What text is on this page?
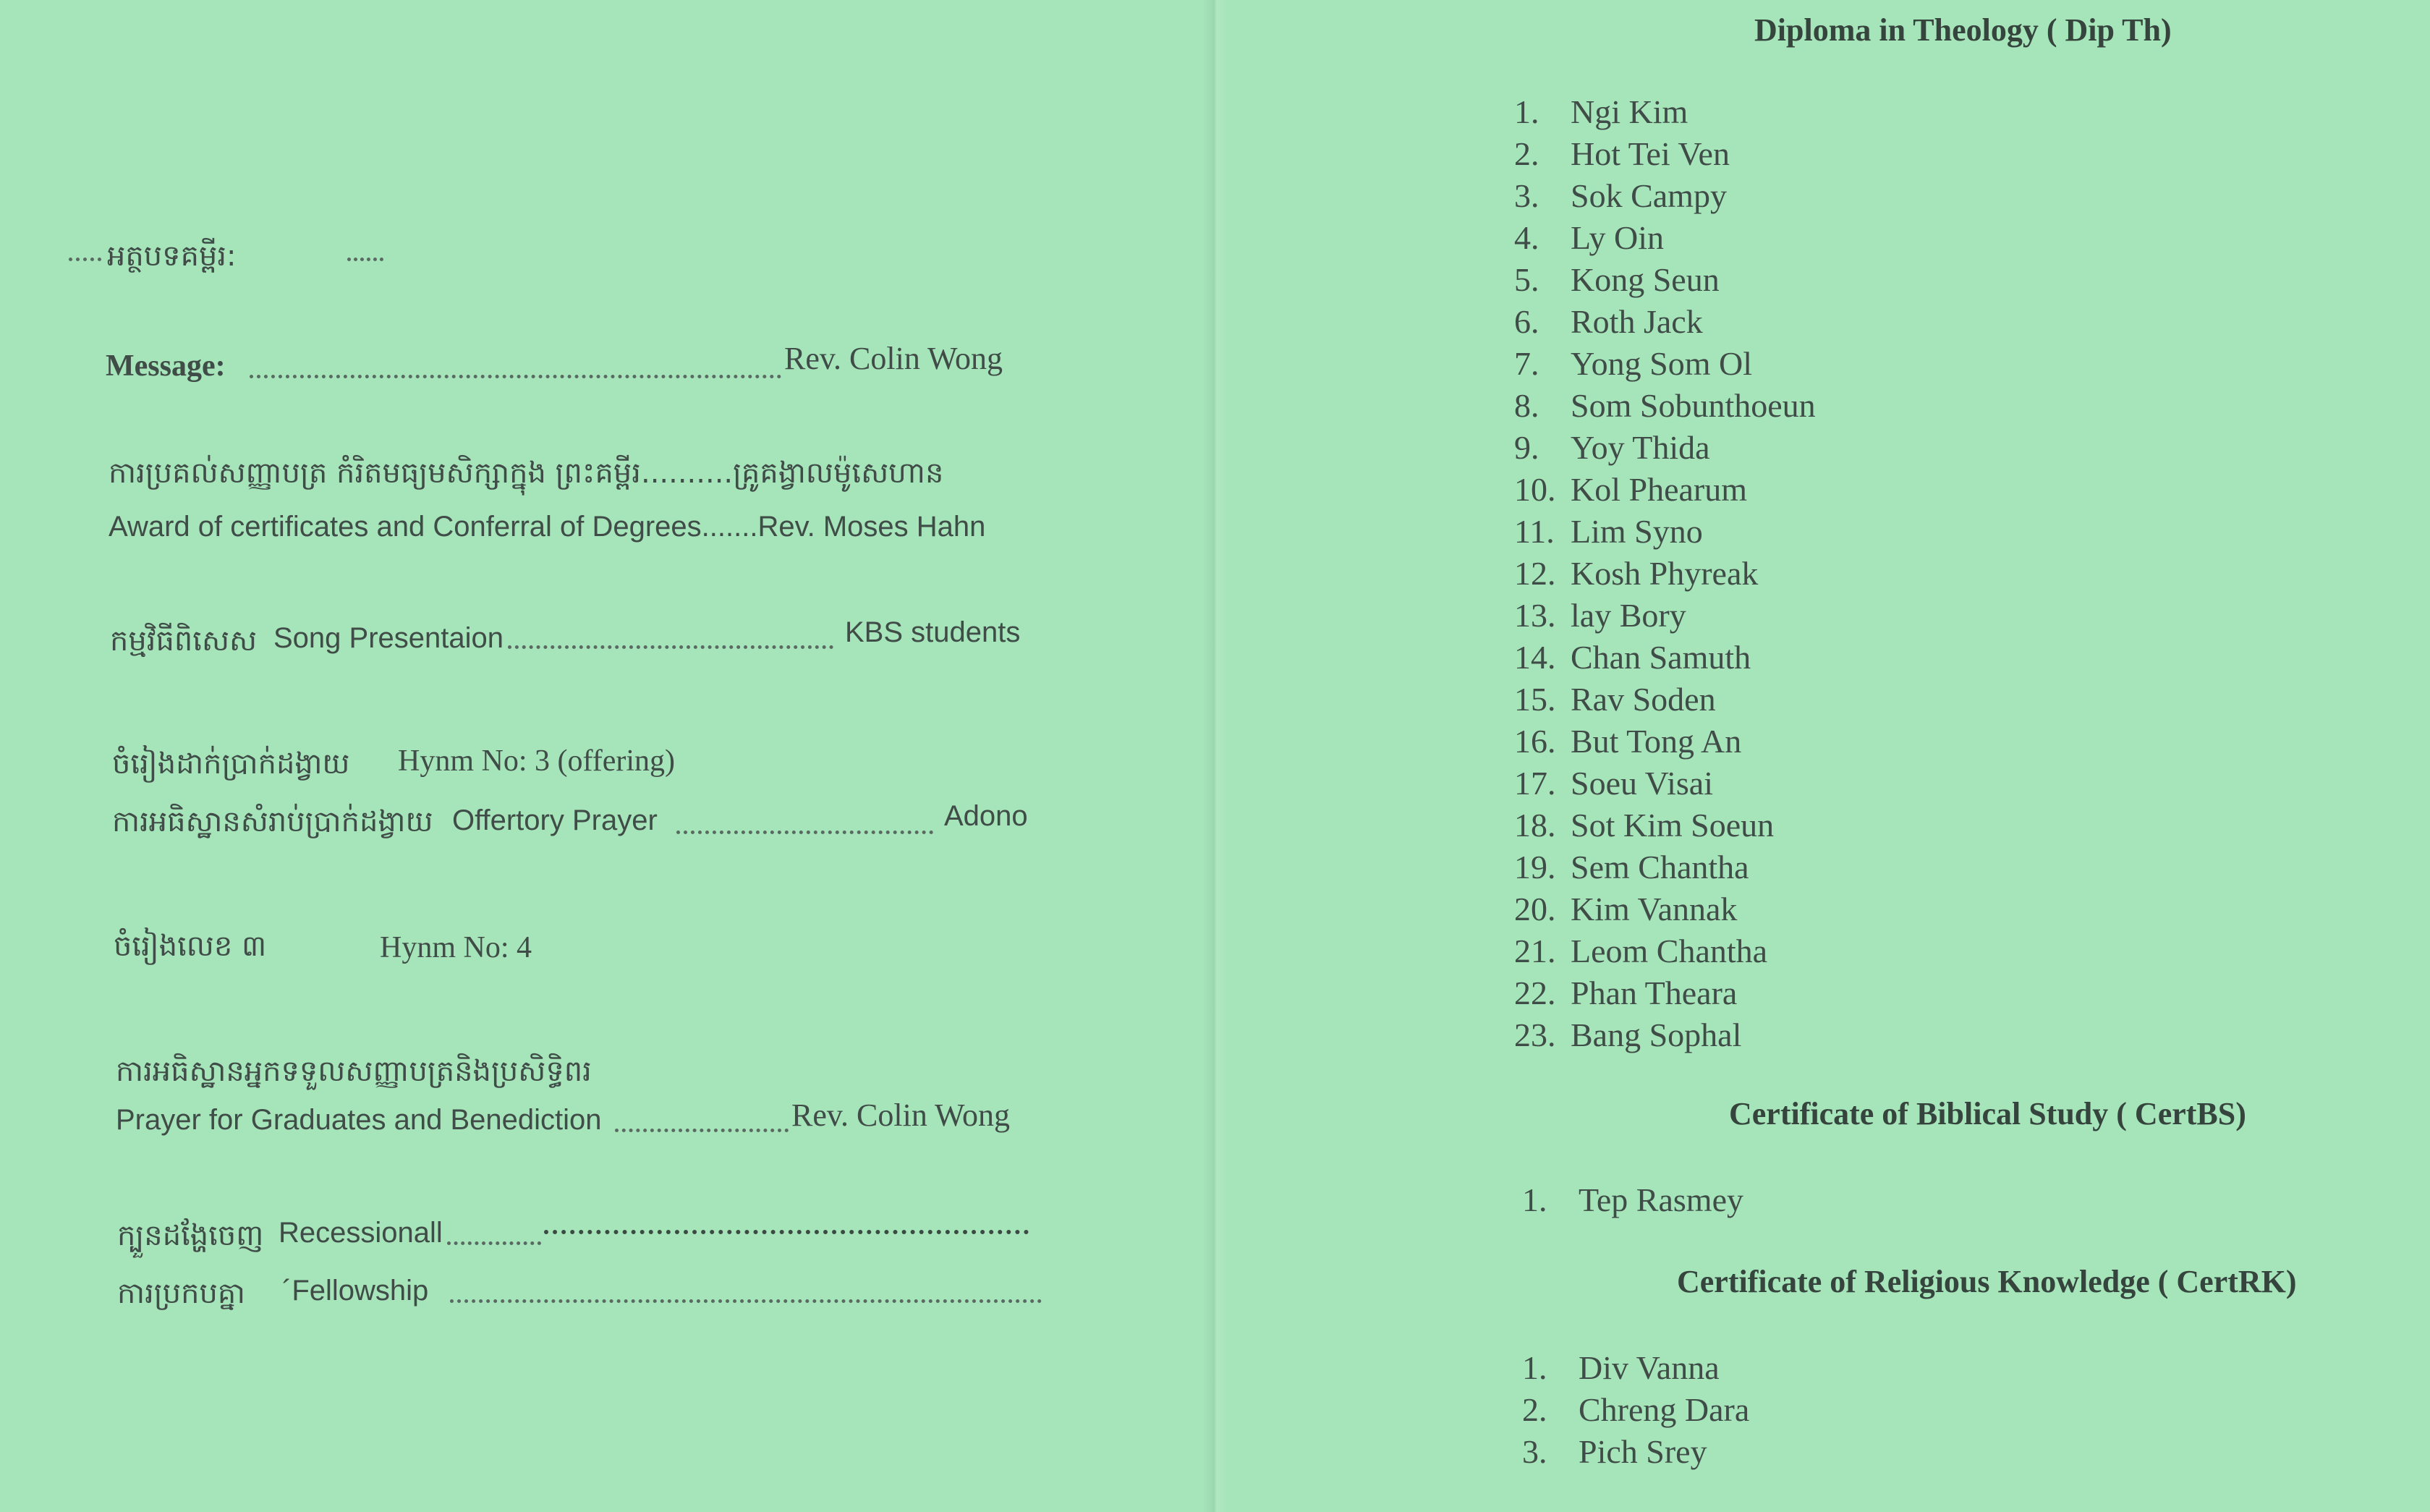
អត្ថបទគម្ពីរ:
Message:	Rev. Colin Wong
ការប្រគល់សញ្ញាបត្រ កំរិតមធ្យមសិក្សាក្នុង ព្រះគម្ពីរ..........គ្រូគង្វាលម៉ូសេហាន
Award of certificates and Conferral of Degrees.......Rev. Moses Hahn
កម្មវិធីពិសេស Song Presentaion	KBS students
ចំរៀងដាក់ប្រាក់ដង្វាយ Hynm No: 3 (offering)
ការអធិស្ឋានសំរាប់ប្រាក់ដង្វាយ Offertory Prayer	Adono
ចំរៀងលេខ ៣	Hynm No: 4
ការអធិស្ឋានអ្នកទទួលសញ្ញាបត្រនិងប្រសិទ្ធិពរ
Prayer for Graduates and Benediction	Rev. Colin Wong
ក្បួនដង្ហែចេញ Recessionall
ការប្រកបគ្នា ´Fellowship
Diploma in Theology ( Dip Th)
1. Ngi Kim
2. Hot Tei Ven
3. Sok Campy
4. Ly Oin
5. Kong Seun
6. Roth Jack
7. Yong Som Ol
8. Som Sobunthoeun
9. Yoy Thida
10. Kol Phearum
11. Lim Syno
12. Kosh Phyreak
13. lay Bory
14. Chan Samuth
15. Rav Soden
16. But Tong An
17. Soeu Visai
18. Sot Kim Soeun
19. Sem Chantha
20. Kim Vannak
21. Leom Chantha
22. Phan Theara
23. Bang Sophal
Certificate of Biblical Study ( CertBS)
1. Tep Rasmey
Certificate of Religious Knowledge ( CertRK)
1. Div Vanna
2. Chreng Dara
3. Pich Srey
